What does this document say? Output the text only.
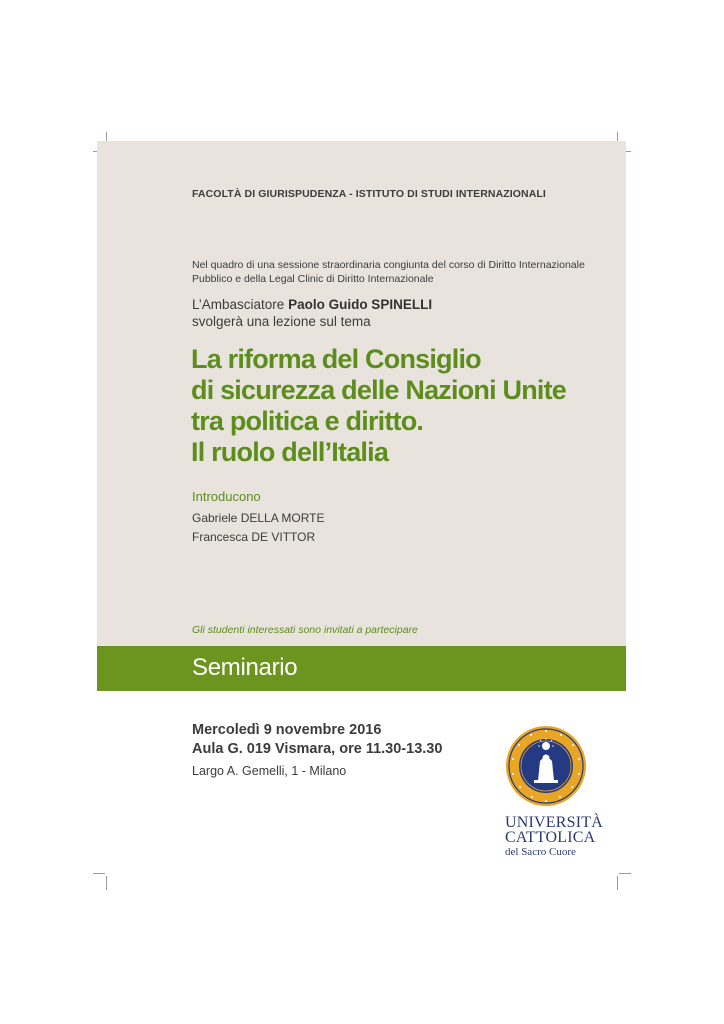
FACOLTÀ DI GIURISPUDENZA - ISTITUTO DI STUDI INTERNAZIONALI
Nel quadro di una sessione straordinaria congiunta del corso di Diritto Internazionale
Pubblico e della Legal Clinic di Diritto Internazionale
L’Ambasciatore Paolo Guido SPINELLI
svolgerà una lezione sul tema
La riforma del Consiglio
di sicurezza delle Nazioni Unite
tra politica e diritto.
Il ruolo dell’Italia
Introducono
Gabriele DELLA MORTE
Francesca DE VITTOR
Gli studenti interessati sono invitati a partecipare
Seminario
Mercoledì 9 novembre 2016
Aula G. 019 Vismara, ore 11.30-13.30
Largo A. Gemelli, 1 - Milano
UNIVERSITÀ
CATTOLICA
del Sacro Cuore
